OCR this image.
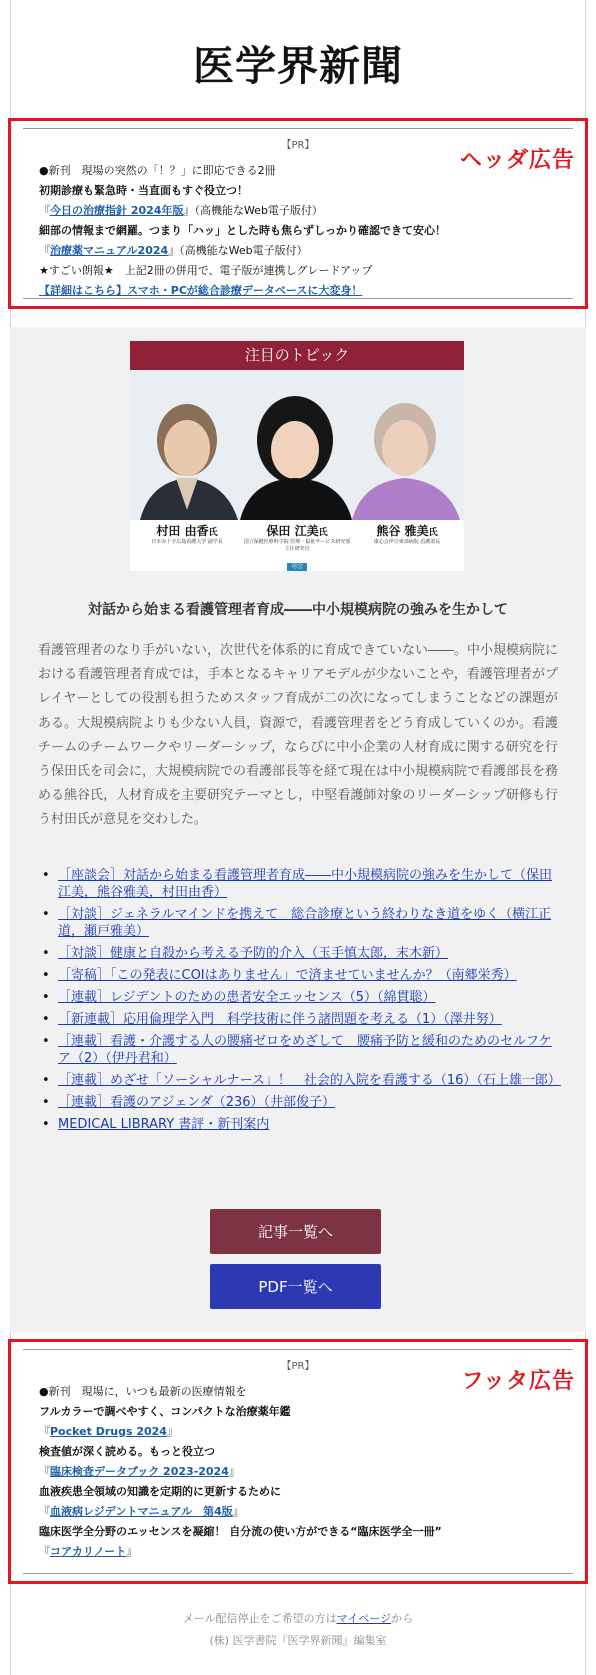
医学界新聞
【PR】
●新刊　現場の突然の「！？」に即応できる2冊
初期診療も緊急時・当直面もすぐ役立つ！
『今日の治療指針 2024年版』（高機能なWeb電子版付）
細部の情報まで網羅。つまり「ハッ」とした時も焦らずしっかり確認できて安心！
『治療薬マニュアル2024』（高機能なWeb電子版付）
★すごい朗報★　上記2冊の併用で、電子版が連携しグレードアップ
【詳細はこちら】スマホ・PCが総合診療データベースに大変身！
ヘッダ広告
注目のトピック
村田 由香氏
日本赤十字広島看護大学 副学長
保田 江美氏
国立保健医療科学院 医療・福祉サービス研究部 主任研究官
司会
熊谷 雅美氏
康心会伊豆東部病院 看護部長
対話から始まる看護管理者育成――中小規模病院の強みを生かして
看護管理者のなり手がいない，次世代を体系的に育成できていない――。中小規模病院における看護管理者育成では，手本となるキャリアモデルが少ないことや，看護管理者がプレイヤーとしての役割も担うためスタッフ育成が二の次になってしまうことなどの課題がある。大規模病院よりも少ない人員，資源で，看護管理者をどう育成していくのか。看護チームのチームワークやリーダーシップ，ならびに中小企業の人材育成に関する研究を行う保田氏を司会に，大規模病院での看護部長等を経て現在は中小規模病院で看護部長を務める熊谷氏，人材育成を主要研究テーマとし，中堅看護師対象のリーダーシップ研修も行う村田氏が意見を交わした。
• ［座談会］対話から始まる看護管理者育成――中小規模病院の強みを生かして（保田江美，熊谷雅美，村田由香）
• ［対談］ジェネラルマインドを携えて　総合診療という終わりなき道をゆく（横江正道，瀬戸雅美）
• ［対談］健康と自殺から考える予防的介入（玉手慎太郎，末木新）
• ［寄稿］「この発表にCOIはありません」で済ませていませんか？（南郷栄秀）
• ［連載］レジデントのための患者安全エッセンス（5）（綿貫聡）
• ［新連載］応用倫理学入門　科学技術に伴う諸問題を考える（1）（澤井努）
• ［連載］看護・介護する人の腰痛ゼロをめざして　腰痛予防と緩和のためのセルフケア（2）（伊丹君和）
• ［連載］めざせ「ソーシャルナース」！　社会的入院を看護する（16）（石上雄一郎）
• ［連載］看護のアジェンダ（236）（井部俊子）
• MEDICAL LIBRARY 書評・新刊案内
記事一覧へ
PDF一覧へ
【PR】
●新刊　現場に，いつも最新の医療情報を
フルカラーで調べやすく、コンパクトな治療薬年鑑
『Pocket Drugs 2024』
検査値が深く読める。もっと役立つ
『臨床検査データブック 2023-2024』
血液疾患全領域の知識を定期的に更新するために
『血液病レジデントマニュアル　第4版』
臨床医学全分野のエッセンスを凝縮！ 自分流の使い方ができる“臨床医学全一冊”
『コアカリノート』
フッタ広告
メール配信停止をご希望の方はマイページから
(株) 医学書院『医学界新聞』編集室
